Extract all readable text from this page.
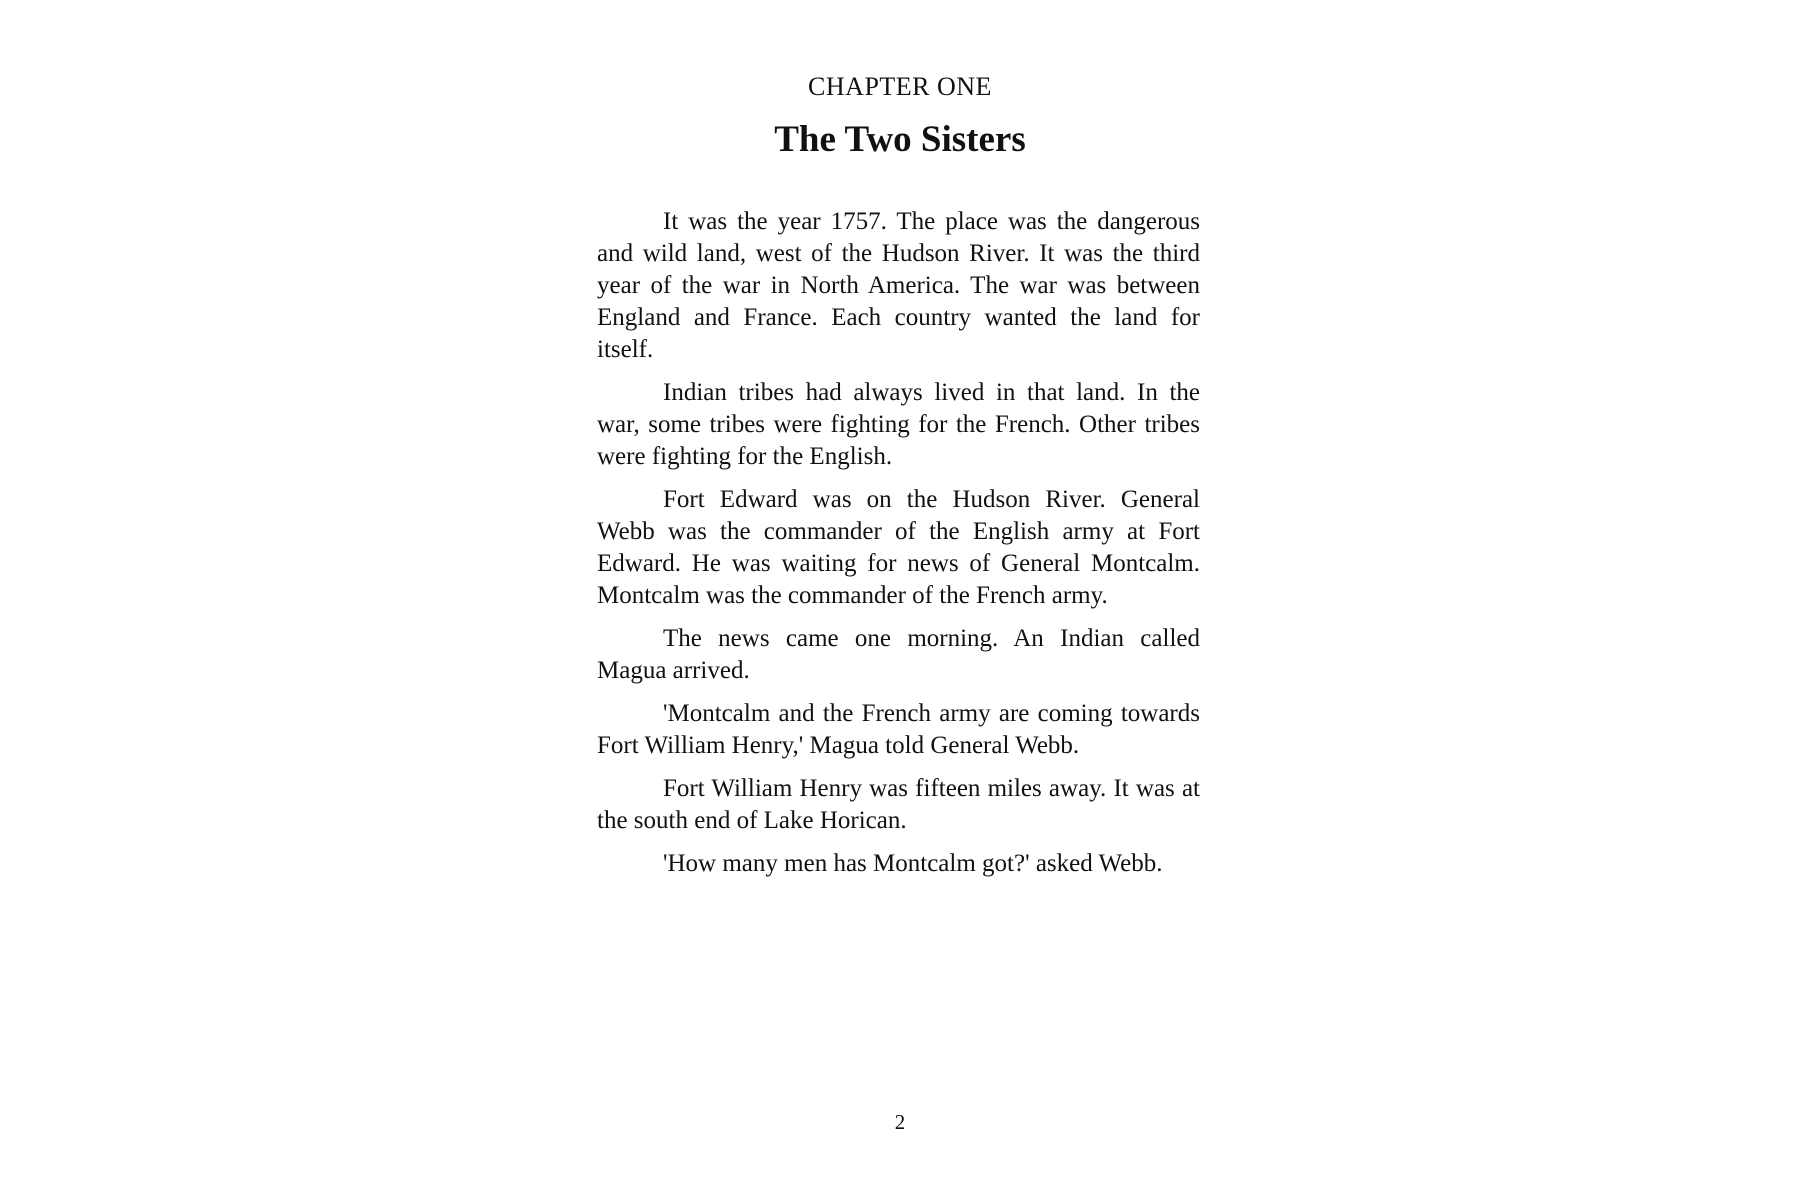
CHAPTER ONE
The Two Sisters

It was the year 1757. The place was the dangerous and wild land, west of the Hudson River. It was the third year of the war in North America. The war was between England and France. Each country wanted the land for itself.

Indian tribes had always lived in that land. In the war, some tribes were fighting for the French. Other tribes were fighting for the English.

Fort Edward was on the Hudson River. General Webb was the commander of the English army at Fort Edward. He was waiting for news of General Montcalm. Montcalm was the commander of the French army.

The news came one morning. An Indian called Magua arrived.

'Montcalm and the French army are coming towards Fort William Henry,' Magua told General Webb.

Fort William Henry was fifteen miles away. It was at the south end of Lake Horican.

'How many men has Montcalm got?' asked Webb.

2
